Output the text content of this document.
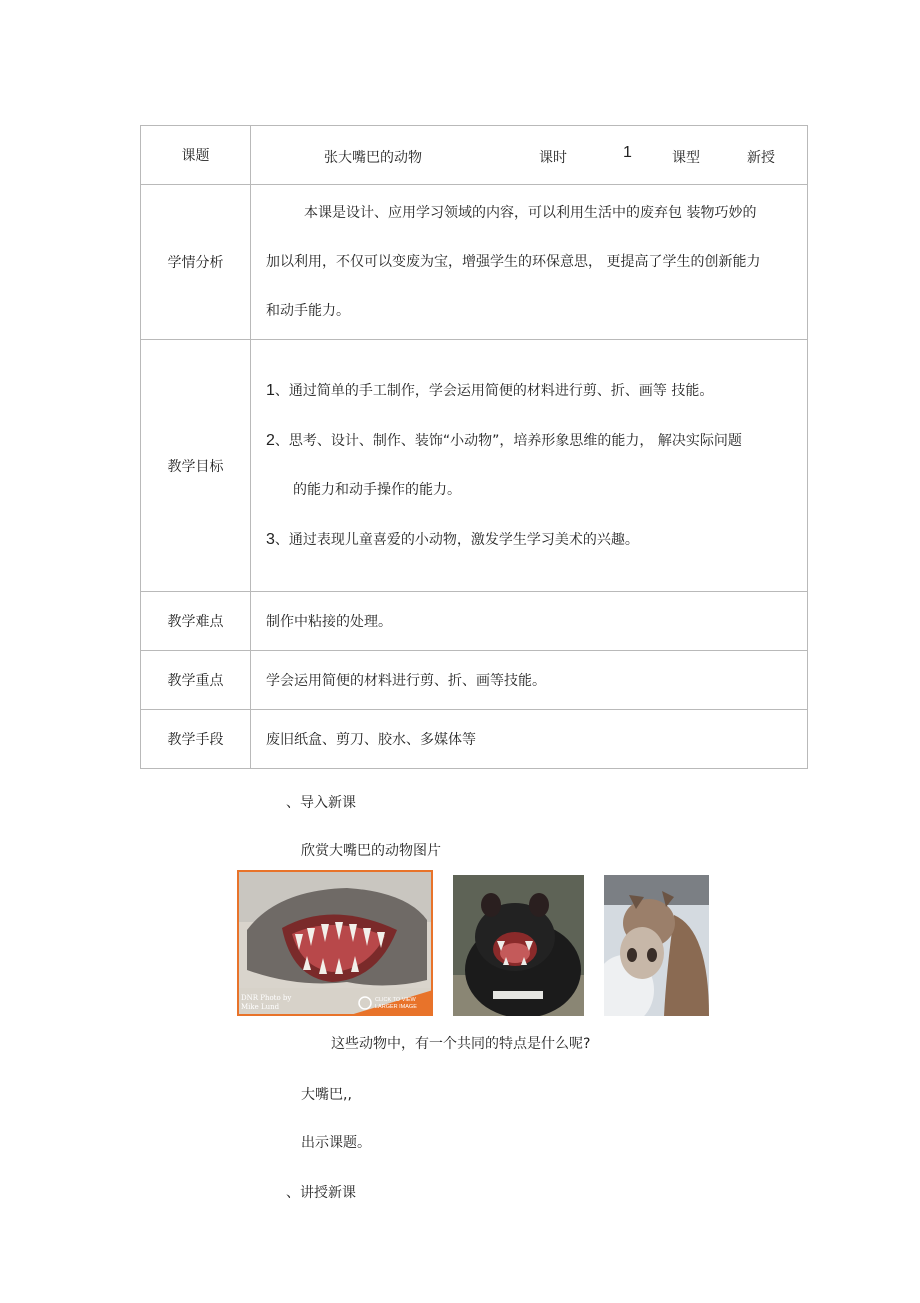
课题	张大嘴巴的动物 课时 1 课型 新授

学情分析	本课是设计、应用学习领域的内容，可以利用生活中的废弃包 装物巧妙的
加以利用，不仅可以变废为宝，增强学生的环保意思， 更提高了学生的创新能力
和动手能力。

教学目标	1、通过简单的手工制作，学会运用简便的材料进行剪、折、画等 技能。
2、思考、设计、制作、装饰“小动物”，培养形象思维的能力， 解决实际问题
的能力和动手操作的能力。
3、通过表现儿童喜爱的小动物，激发学生学习美术的兴趣。

教学难点	制作中粘接的处理。
教学重点	学会运用简便的材料进行剪、折、画等技能。
教学手段	废旧纸盒、剪刀、胶水、多媒体等
、导入新课
欣赏大嘴巴的动物图片
DNR Photo by
Mike Lund
CLICK TO VIEW
LARGER IMAGE
这些动物中，有一个共同的特点是什么呢?
大嘴巴,,
出示课题。
、讲授新课
